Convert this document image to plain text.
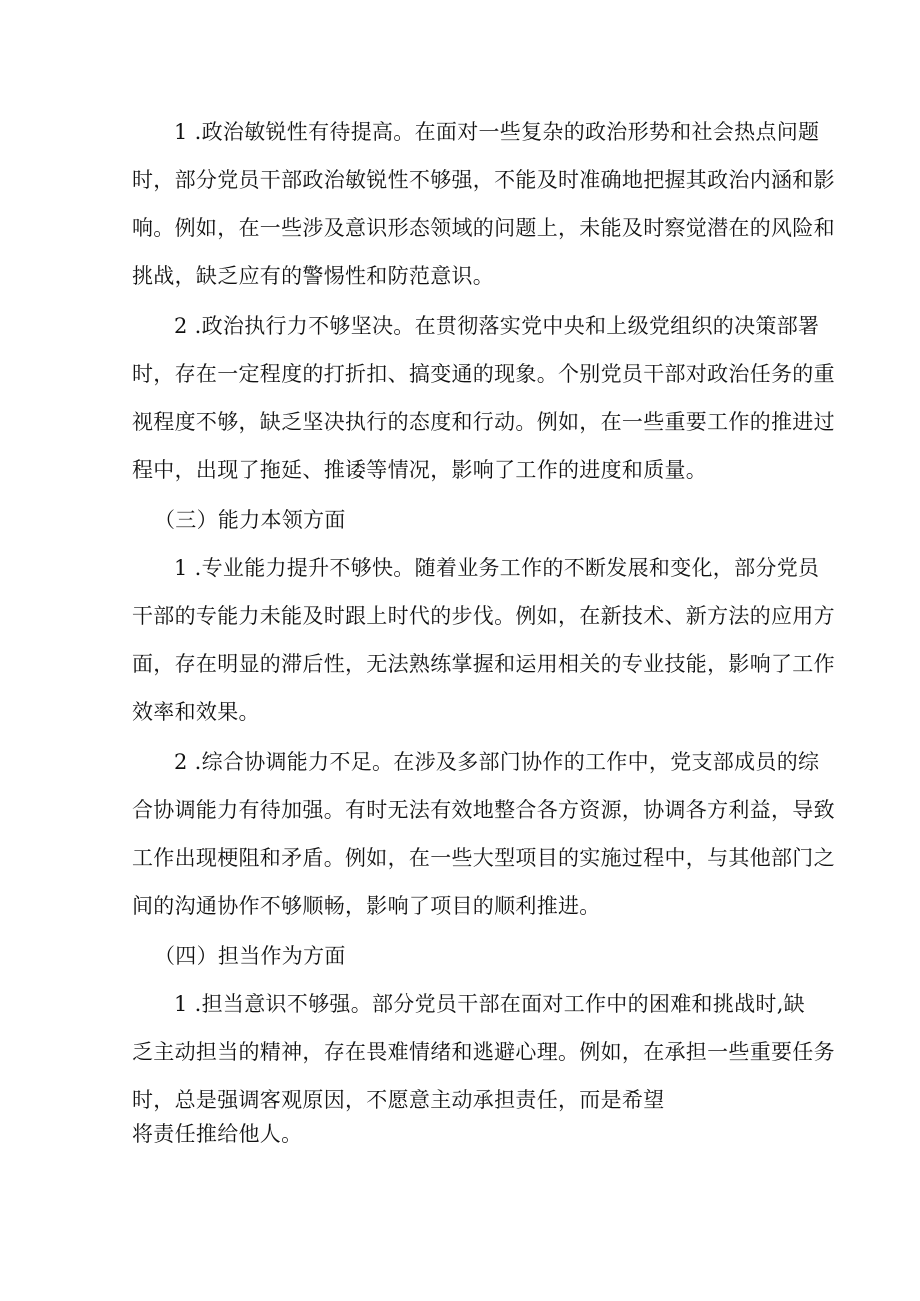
1 .政治敏锐性有待提高。在面对一些复杂的政治形势和社会热点问题
时，部分党员干部政治敏锐性不够强，不能及时准确地把握其政治内涵和影
响。例如，在一些涉及意识形态领域的问题上，未能及时察觉潜在的风险和
挑战，缺乏应有的警惕性和防范意识。
2 .政治执行力不够坚决。在贯彻落实党中央和上级党组织的决策部署
时，存在一定程度的打折扣、搞变通的现象。个别党员干部对政治任务的重
视程度不够，缺乏坚决执行的态度和行动。例如，在一些重要工作的推进过
程中，出现了拖延、推诿等情况，影响了工作的进度和质量。
（三）能力本领方面
1 .专业能力提升不够快。随着业务工作的不断发展和变化，部分党员
干部的专能力未能及时跟上时代的步伐。例如，在新技术、新方法的应用方
面，存在明显的滞后性，无法熟练掌握和运用相关的专业技能，影响了工作
效率和效果。
2 .综合协调能力不足。在涉及多部门协作的工作中，党支部成员的综
合协调能力有待加强。有时无法有效地整合各方资源，协调各方利益，导致
工作出现梗阻和矛盾。例如，在一些大型项目的实施过程中，与其他部门之
间的沟通协作不够顺畅，影响了项目的顺利推进。
（四）担当作为方面
1 .担当意识不够强。部分党员干部在面对工作中的困难和挑战时,缺
乏主动担当的精神，存在畏难情绪和逃避心理。例如，在承担一些重要任务
时，总是强调客观原因，不愿意主动承担责任，而是希望
将责任推给他人。
